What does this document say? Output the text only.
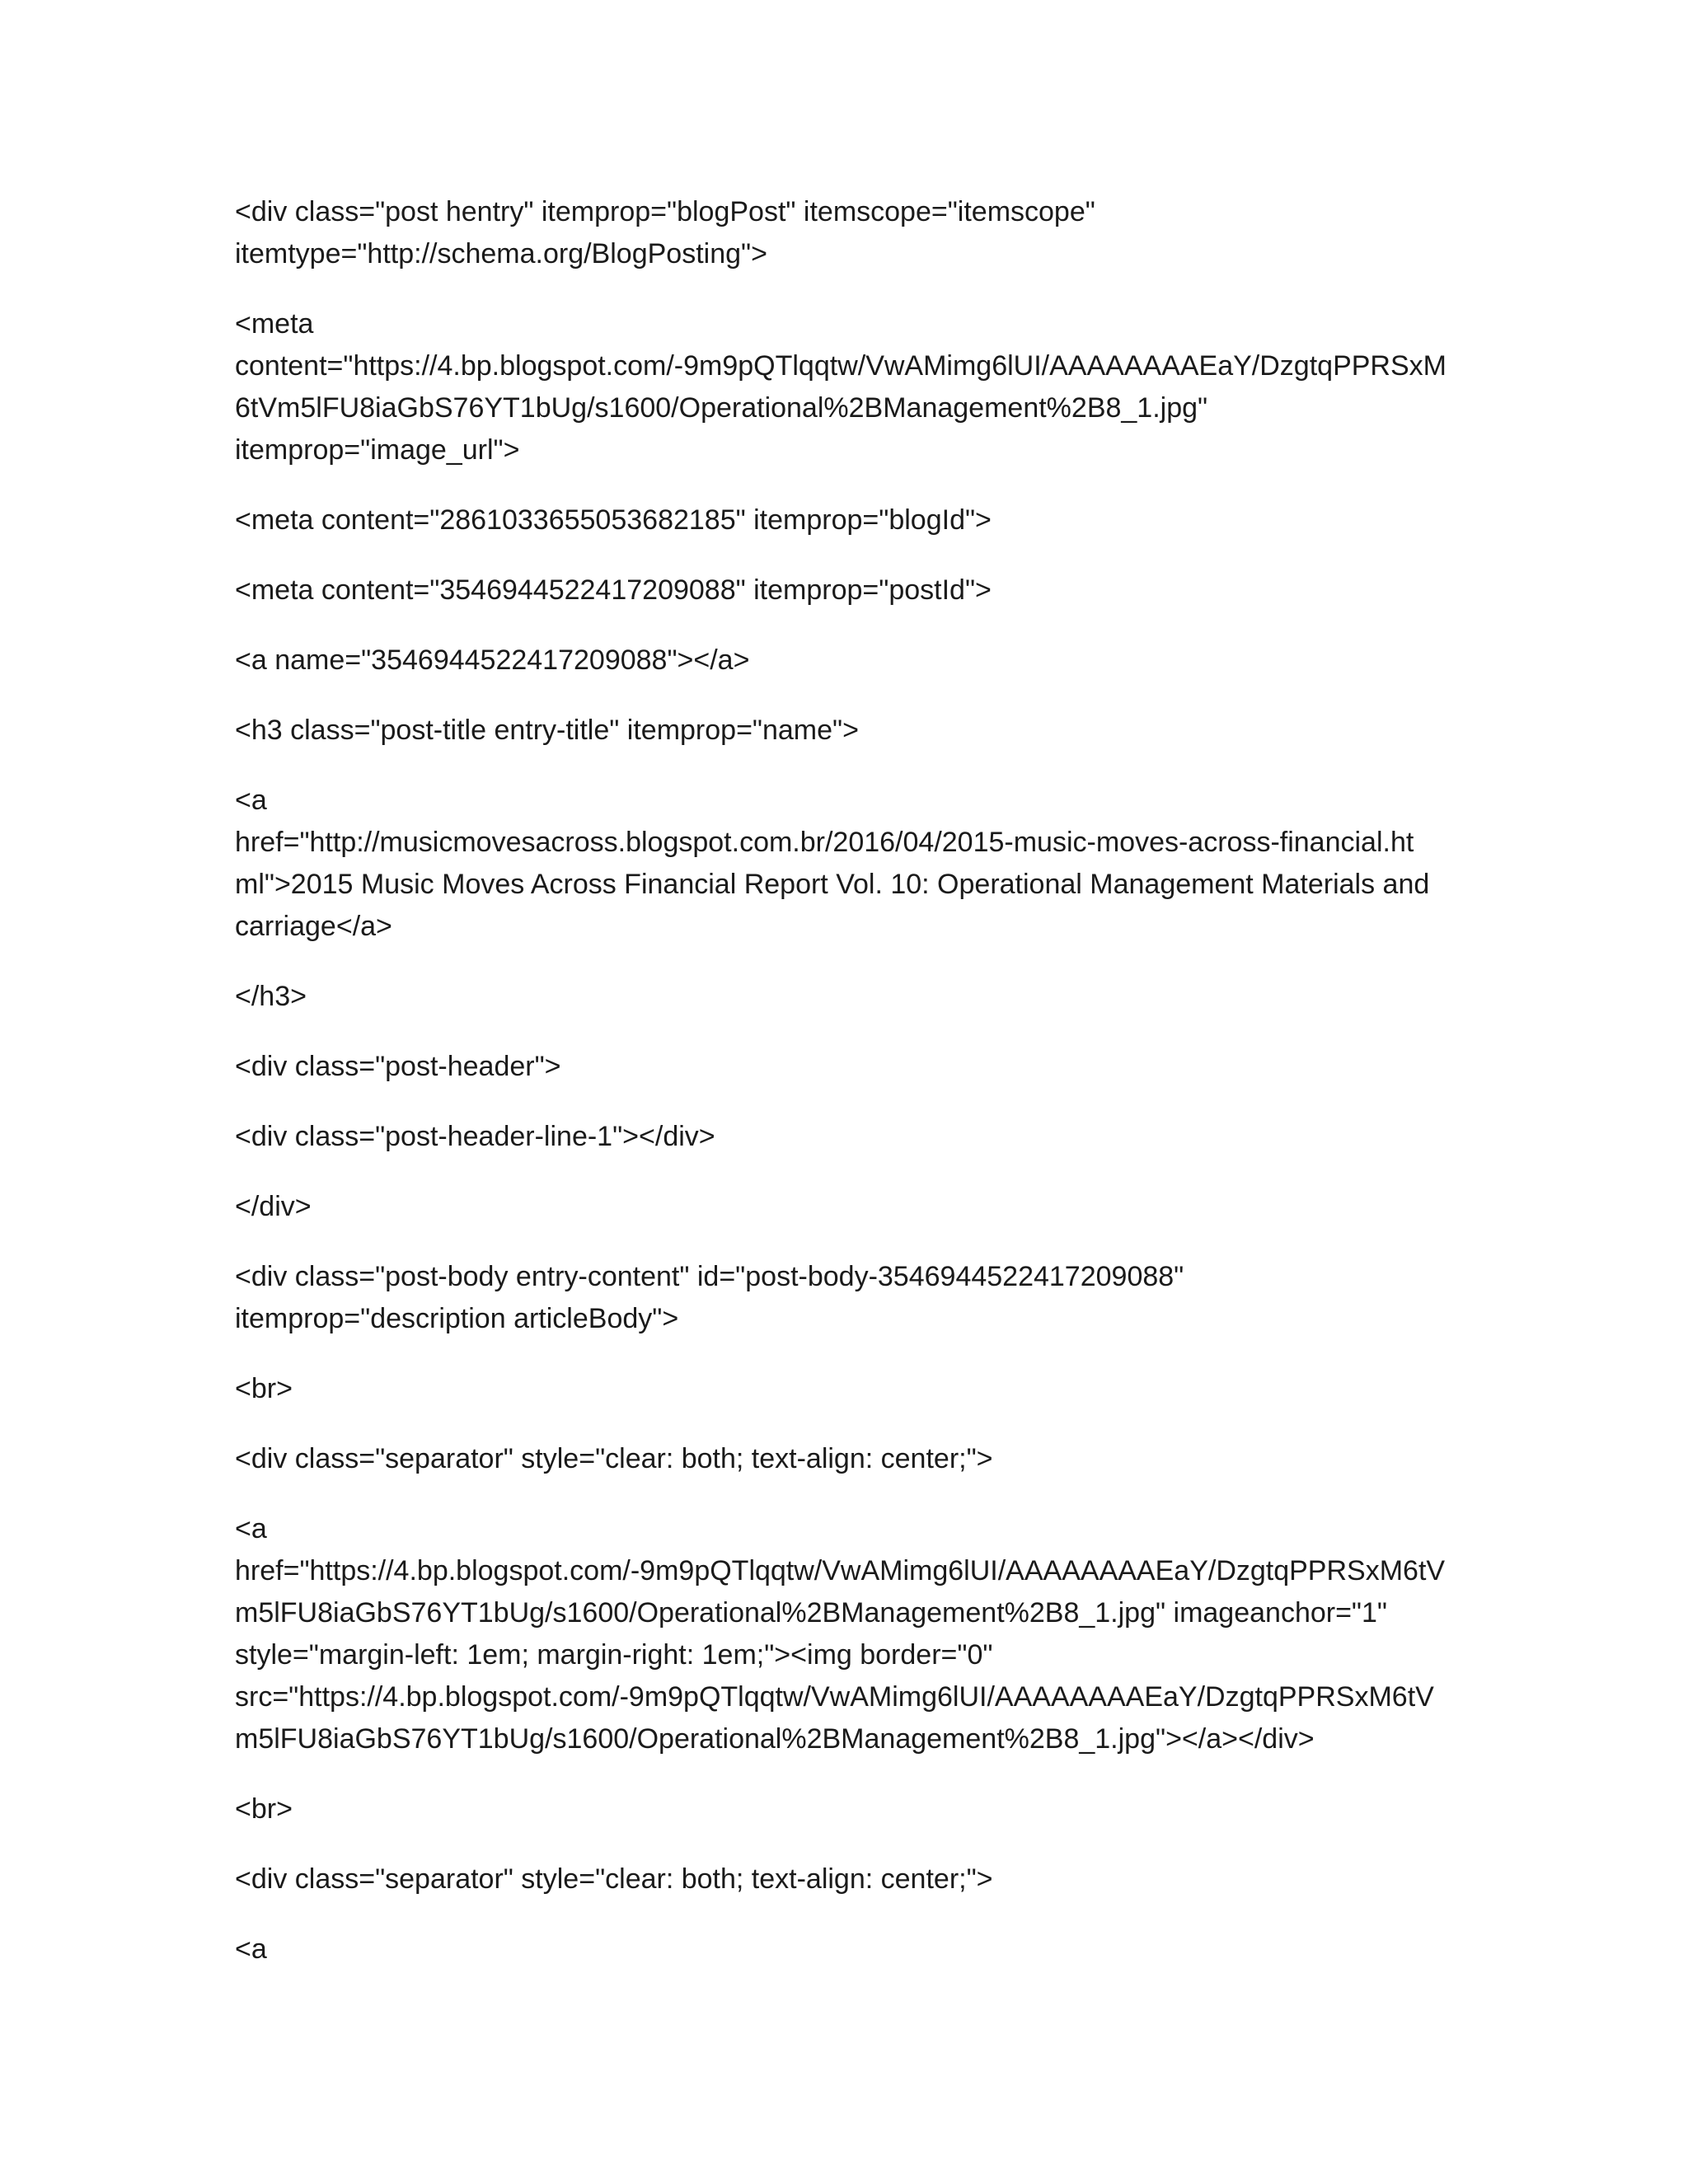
<div class="post hentry" itemprop="blogPost" itemscope="itemscope"
itemtype="http://schema.org/BlogPosting">

<meta
content="https://4.bp.blogspot.com/-9m9pQTlqqtw/VwAMimg6lUI/AAAAAAAAEaY/DzgtqPPRSxM
6tVm5lFU8iaGbS76YT1bUg/s1600/Operational%2BManagement%2B8_1.jpg"
itemprop="image_url">

<meta content="2861033655053682185" itemprop="blogId">

<meta content="3546944522417209088" itemprop="postId">

<a name="3546944522417209088"></a>

<h3 class="post-title entry-title" itemprop="name">

<a
href="http://musicmovesacross.blogspot.com.br/2016/04/2015-music-moves-across-financial.ht
ml">2015 Music Moves Across Financial Report Vol. 10: Operational Management Materials and
carriage</a>

</h3>

<div class="post-header">

<div class="post-header-line-1"></div>

</div>

<div class="post-body entry-content" id="post-body-3546944522417209088"
itemprop="description articleBody">

<br>

<div class="separator" style="clear: both; text-align: center;">

<a
href="https://4.bp.blogspot.com/-9m9pQTlqqtw/VwAMimg6lUI/AAAAAAAAEaY/DzgtqPPRSxM6tV
m5lFU8iaGbS76YT1bUg/s1600/Operational%2BManagement%2B8_1.jpg" imageanchor="1"
style="margin-left: 1em; margin-right: 1em;"><img border="0"
src="https://4.bp.blogspot.com/-9m9pQTlqqtw/VwAMimg6lUI/AAAAAAAAEaY/DzgtqPPRSxM6tV
m5lFU8iaGbS76YT1bUg/s1600/Operational%2BManagement%2B8_1.jpg"></a></div>

<br>

<div class="separator" style="clear: both; text-align: center;">

<a
